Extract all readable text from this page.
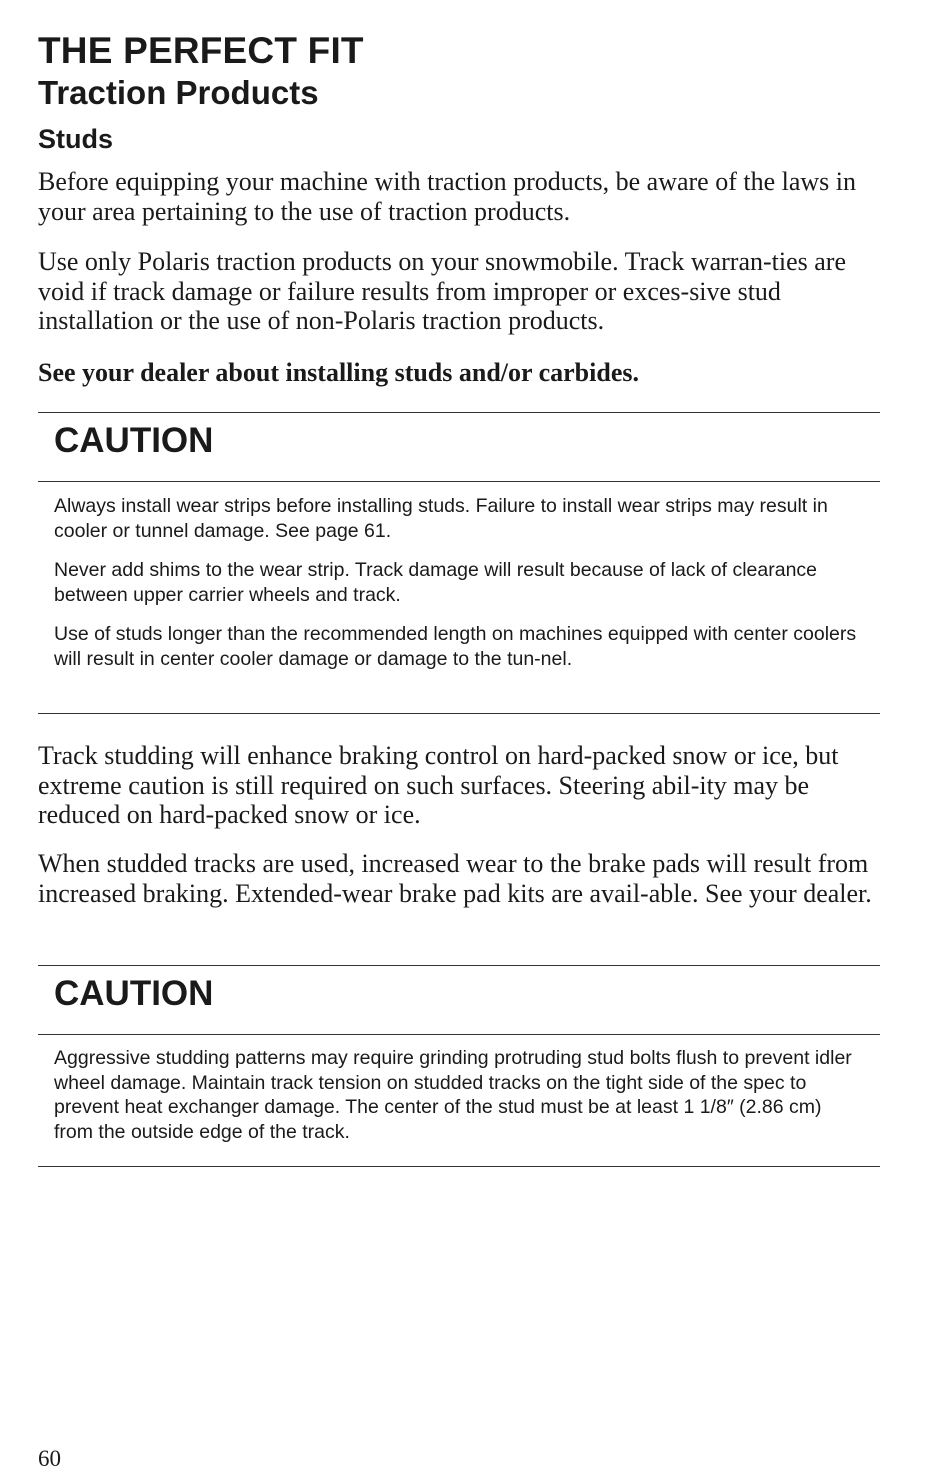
THE PERFECT FIT
Traction Products
Studs

Before equipping your machine with traction products, be aware of the laws in your area pertaining to the use of traction products.

Use only Polaris traction products on your snowmobile. Track warran-ties are void if track damage or failure results from improper or exces-sive stud installation or the use of non-Polaris traction products.

See your dealer about installing studs and/or carbides.

CAUTION

Always install wear strips before installing studs. Failure to install wear strips may result in cooler or tunnel damage. See page 61.

Never add shims to the wear strip. Track damage will result because of lack of clearance between upper carrier wheels and track.

Use of studs longer than the recommended length on machines equipped with center coolers will result in center cooler damage or damage to the tun-nel.

Track studding will enhance braking control on hard-packed snow or ice, but extreme caution is still required on such surfaces. Steering abil-ity may be reduced on hard-packed snow or ice.

When studded tracks are used, increased wear to the brake pads will result from increased braking. Extended-wear brake pad kits are avail-able. See your dealer.

CAUTION

Aggressive studding patterns may require grinding protruding stud bolts flush to prevent idler wheel damage. Maintain track tension on studded tracks on the tight side of the spec to prevent heat exchanger damage. The center of the stud must be at least 1 1/8″ (2.86 cm) from the outside edge of the track.

60
